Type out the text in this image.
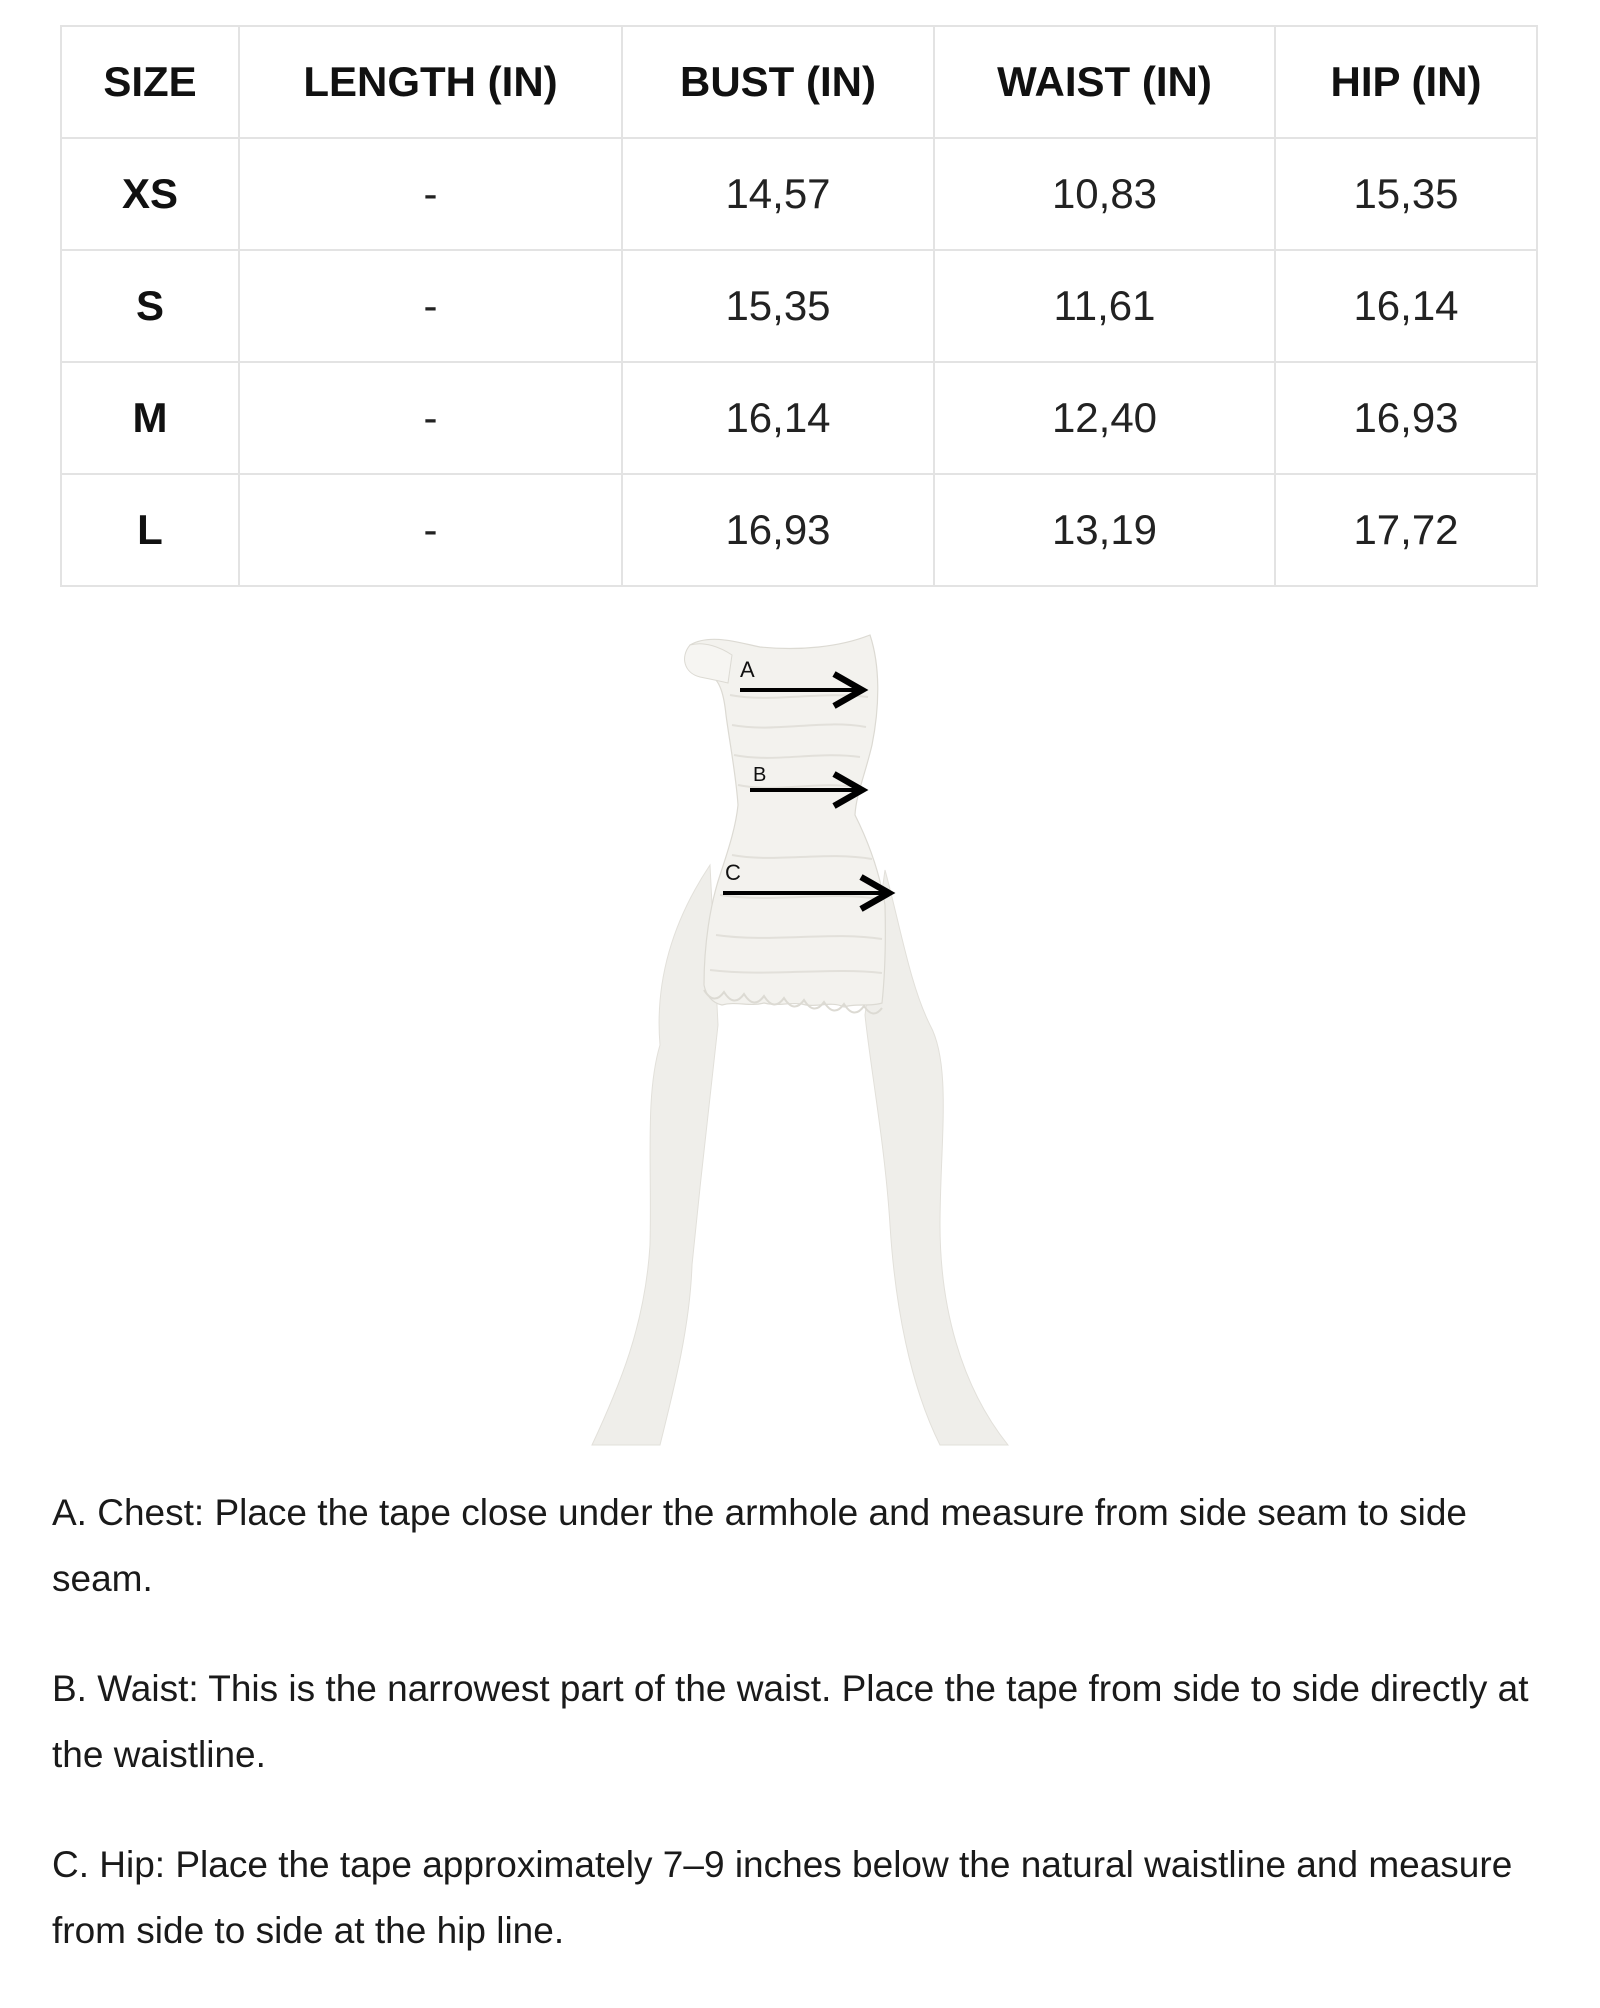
SIZE	LENGTH (IN)	BUST (IN)	WAIST (IN)	HIP (IN)
XS	-	14,57	10,83	15,35
S	-	15,35	11,61	16,14
M	-	16,14	12,40	16,93
L	-	16,93	13,19	17,72
A
B
C

A. Chest: Place the tape close under the armhole and measure from side seam to side seam.

B. Waist: This is the narrowest part of the waist. Place the tape from side to side directly at the waistline.

C. Hip: Place the tape approximately 7–9 inches below the natural waistline and measure from side to side at the hip line.
